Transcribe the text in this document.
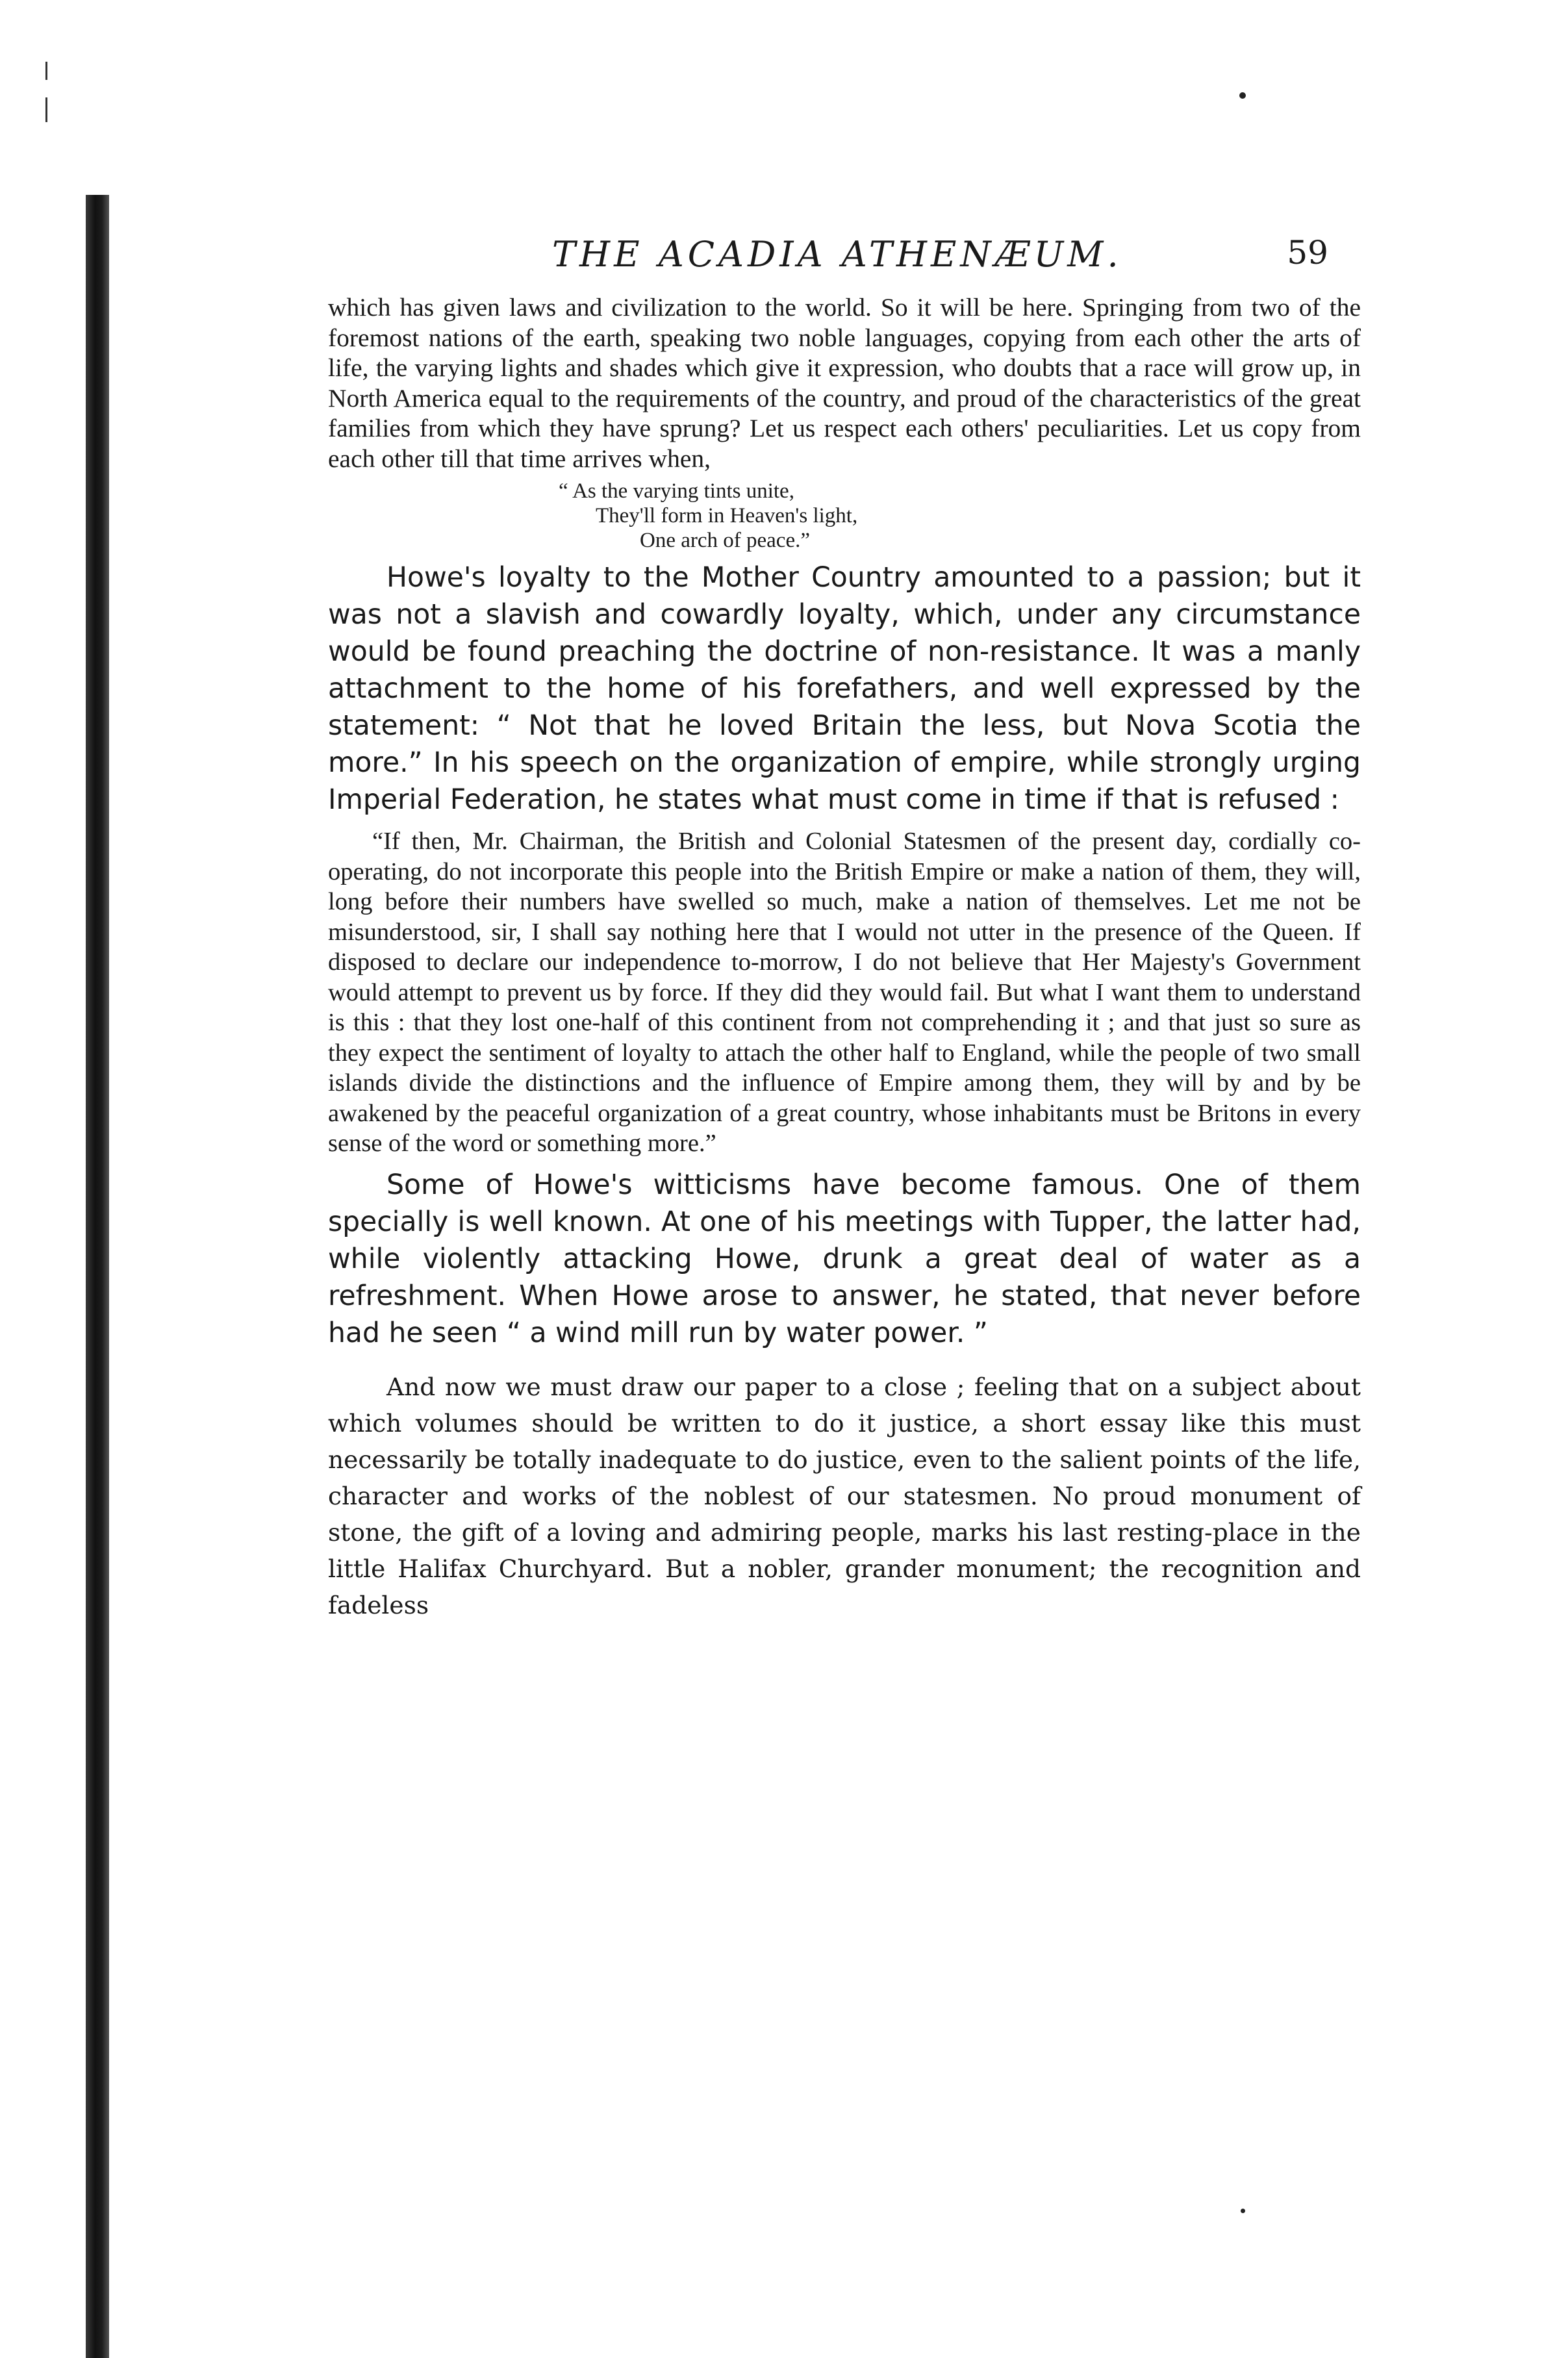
THE ACADIA ATHENÆUM.	59

which has given laws and civilization to the world. So it will be here. Springing from two of the foremost nations of the earth, speaking two noble languages, copying from each other the arts of life, the varying lights and shades which give it expression, who doubts that a race will grow up, in North America equal to the requirements of the country, and proud of the characteristics of the great families from which they have sprung? Let us respect each others' peculiarities. Let us copy from each other till that time arrives when,

“ As the varying tints unite,
They'll form in Heaven's light,
One arch of peace.”

Howe's loyalty to the Mother Country amounted to a passion; but it was not a slavish and cowardly loyalty, which, under any circumstance would be found preaching the doctrine of non-resistance. It was a manly attachment to the home of his forefathers, and well expressed by the statement: “ Not that he loved Britain the less, but Nova Scotia the more.” In his speech on the organization of empire, while strongly urging Imperial Federation, he states what must come in time if that is refused :

“If then, Mr. Chairman, the British and Colonial Statesmen of the present day, cordially co-operating, do not incorporate this people into the British Empire or make a nation of them, they will, long before their numbers have swelled so much, make a nation of themselves. Let me not be misunderstood, sir, I shall say nothing here that I would not utter in the presence of the Queen. If disposed to declare our independence to-morrow, I do not believe that Her Majesty's Government would attempt to prevent us by force. If they did they would fail. But what I want them to understand is this : that they lost one-half of this continent from not comprehending it ; and that just so sure as they expect the sentiment of loyalty to attach the other half to England, while the people of two small islands divide the distinctions and the influence of Empire among them, they will by and by be awakened by the peaceful organization of a great country, whose inhabitants must be Britons in every sense of the word or something more.”

Some of Howe's witticisms have become famous. One of them specially is well known. At one of his meetings with Tupper, the latter had, while violently attacking Howe, drunk a great deal of water as a refreshment. When Howe arose to answer, he stated, that never before had he seen “ a wind mill run by water power. ”

And now we must draw our paper to a close ; feeling that on a subject about which volumes should be written to do it justice, a short essay like this must necessarily be totally inadequate to do justice, even to the salient points of the life, character and works of the noblest of our statesmen. No proud monument of stone, the gift of a loving and admiring people, marks his last resting-place in the little Halifax Churchyard. But a nobler, grander monument; the recognition and fadeless
